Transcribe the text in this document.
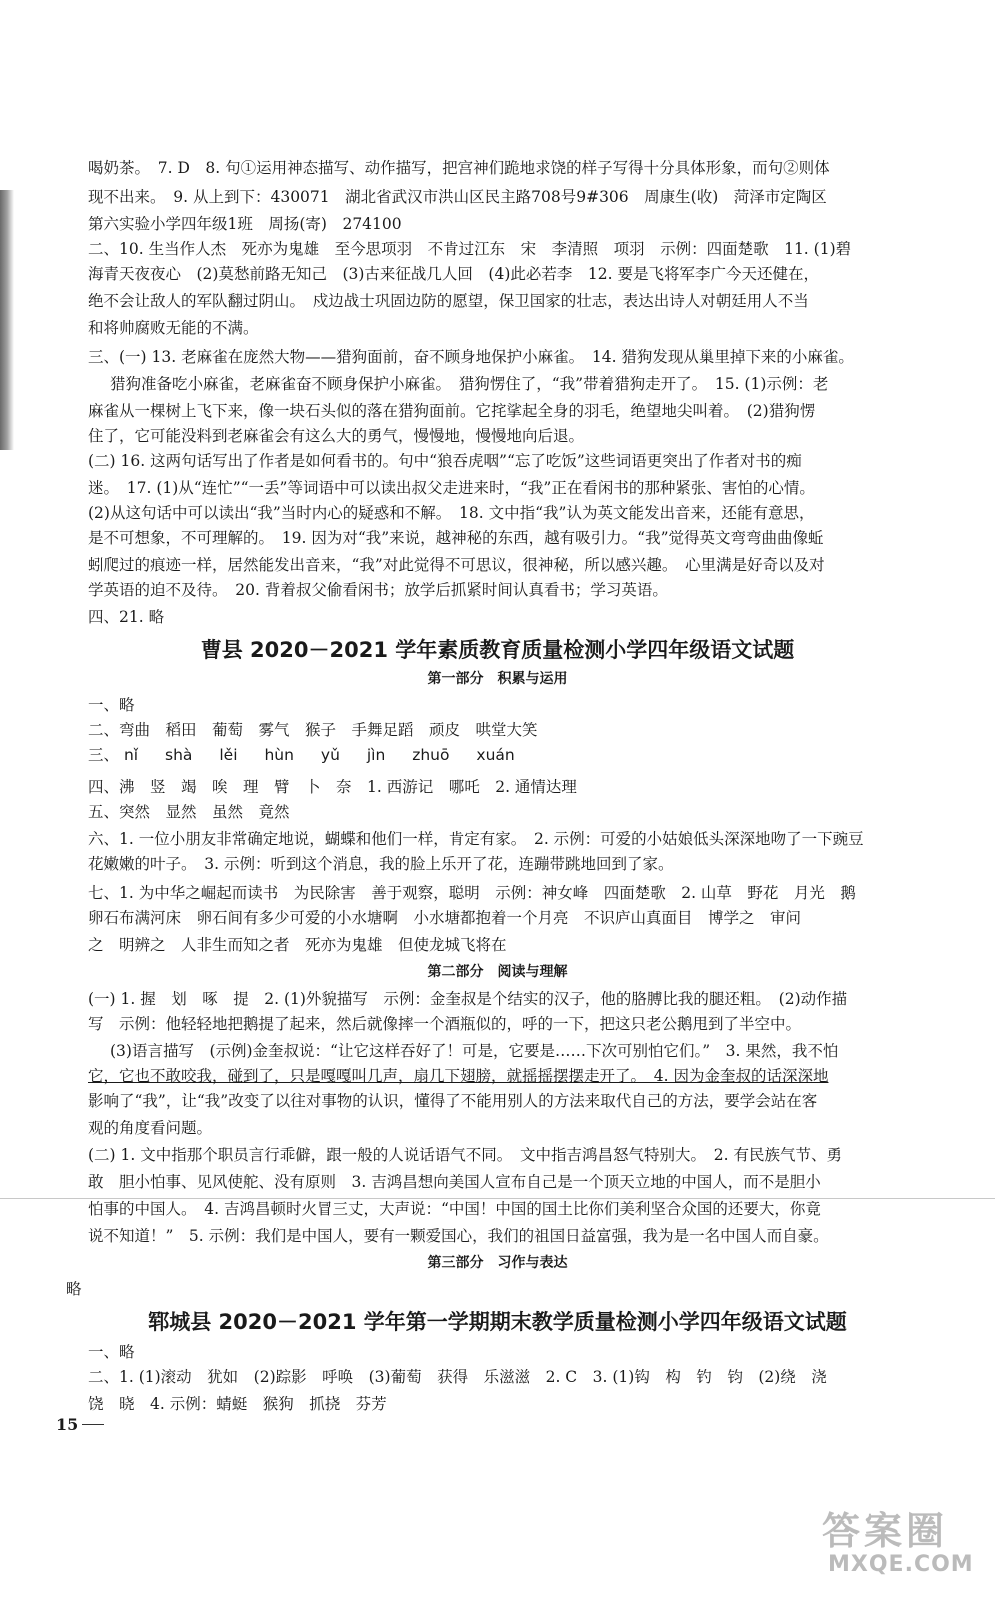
喝奶茶。　7. D　8. 句①运用神态描写、动作描写，把宫神们跪地求饶的样子写得十分具体形象，而句②则体
现不出来。　9. 从上到下：430071　湖北省武汉市洪山区民主路708号9#306　周康生(收)　菏泽市定陶区
第六实验小学四年级1班　周扬(寄)　274100
二、10. 生当作人杰　死亦为鬼雄　至今思项羽　不肯过江东　宋　李清照　项羽　示例：四面楚歌　11. (1)碧
海青天夜夜心　(2)莫愁前路无知己　(3)古来征战几人回　(4)此必若李　12. 要是飞将军李广今天还健在，
绝不会让敌人的军队翻过阴山。　戍边战士巩固边防的愿望，保卫国家的壮志，表达出诗人对朝廷用人不当
和将帅腐败无能的不满。
三、(一) 13. 老麻雀在庞然大物——猎狗面前，奋不顾身地保护小麻雀。　14. 猎狗发现从巢里掉下来的小麻雀。
猎狗准备吃小麻雀，老麻雀奋不顾身保护小麻雀。　猎狗愣住了，“我”带着猎狗走开了。　15. (1)示例：老
麻雀从一棵树上飞下来，像一块石头似的落在猎狗面前。它挓挲起全身的羽毛，绝望地尖叫着。　(2)猎狗愣
住了，它可能没料到老麻雀会有这么大的勇气，慢慢地，慢慢地向后退。
(二) 16. 这两句话写出了作者是如何看书的。句中“狼吞虎咽”“忘了吃饭”这些词语更突出了作者对书的痴
迷。　17. (1)从“连忙”“一丢”等词语中可以读出叔父走进来时，“我”正在看闲书的那种紧张、害怕的心情。
(2)从这句话中可以读出“我”当时内心的疑惑和不解。　18. 文中指“我”认为英文能发出音来，还能有意思，
是不可想象，不可理解的。　19. 因为对“我”来说，越神秘的东西，越有吸引力。“我”觉得英文弯弯曲曲像蚯
蚓爬过的痕迹一样，居然能发出音来，“我”对此觉得不可思议，很神秘，所以感兴趣。　心里满是好奇以及对
学英语的迫不及待。　20. 背着叔父偷看闲书；放学后抓紧时间认真看书；学习英语。
四、21. 略
曹县 2020－2021 学年素质教育质量检测小学四年级语文试题
第一部分　积累与运用
一、略
二、弯曲　稻田　葡萄　雾气　猴子　手舞足蹈　顽皮　哄堂大笑
三、 nǐ shà lěi hùn yǔ jìn zhuō xuán
四、沸　竖　竭　唉　理　臂　卜　奈　1. 西游记　哪吒　2. 通情达理
五、突然　显然　虽然　竟然
六、1. 一位小朋友非常确定地说，蝴蝶和他们一样，肯定有家。　2. 示例：可爱的小姑娘低头深深地吻了一下豌豆
花嫩嫩的叶子。　3. 示例：听到这个消息，我的脸上乐开了花，连蹦带跳地回到了家。
七、1. 为中华之崛起而读书　为民除害　善于观察，聪明　示例：神女峰　四面楚歌　2. 山草　野花　月光　鹅
卵石布满河床　卵石间有多少可爱的小水塘啊　小水塘都抱着一个月亮　不识庐山真面目　博学之　审问
之　明辨之　人非生而知之者　死亦为鬼雄　但使龙城飞将在
第二部分　阅读与理解
(一) 1. 握　划　啄　提　2. (1)外貌描写　示例：金奎叔是个结实的汉子，他的胳膊比我的腿还粗。　(2)动作描
写　示例：他轻轻地把鹅提了起来，然后就像摔一个酒瓶似的，呼的一下，把这只老公鹅甩到了半空中。
(3)语言描写　(示例)金奎叔说：“让它这样吞好了！可是，它要是……下次可别怕它们。”　3. 果然，我不怕
它，它也不敢咬我，碰到了，只是嘎嘎叫几声，扇几下翅膀，就摇摇摆摆走开了。　4. 因为金奎叔的话深深地
影响了“我”，让“我”改变了以往对事物的认识，懂得了不能用别人的方法来取代自己的方法，要学会站在客
观的角度看问题。
(二) 1. 文中指那个职员言行乖僻，跟一般的人说话语气不同。　文中指吉鸿昌怒气特别大。　2. 有民族气节、勇
敢　胆小怕事、见风使舵、没有原则　3. 吉鸿昌想向美国人宣布自己是一个顶天立地的中国人，而不是胆小
怕事的中国人。　4. 吉鸿昌顿时火冒三丈，大声说：“中国！中国的国土比你们美利坚合众国的还要大，你竟
说不知道！”　5. 示例：我们是中国人，要有一颗爱国心，我们的祖国日益富强，我为是一名中国人而自豪。
第三部分　习作与表达
略
郓城县 2020－2021 学年第一学期期末教学质量检测小学四年级语文试题
一、略
二、1. (1)滚动　犹如　(2)踪影　呼唤　(3)葡萄　获得　乐滋滋　2. C　3. (1)钩　构　钓　钧　(2)绕　浇
饶　晓　4. 示例：蜻蜓　猴狗　抓挠　芬芳
15
答案圈
MXQE.COM
